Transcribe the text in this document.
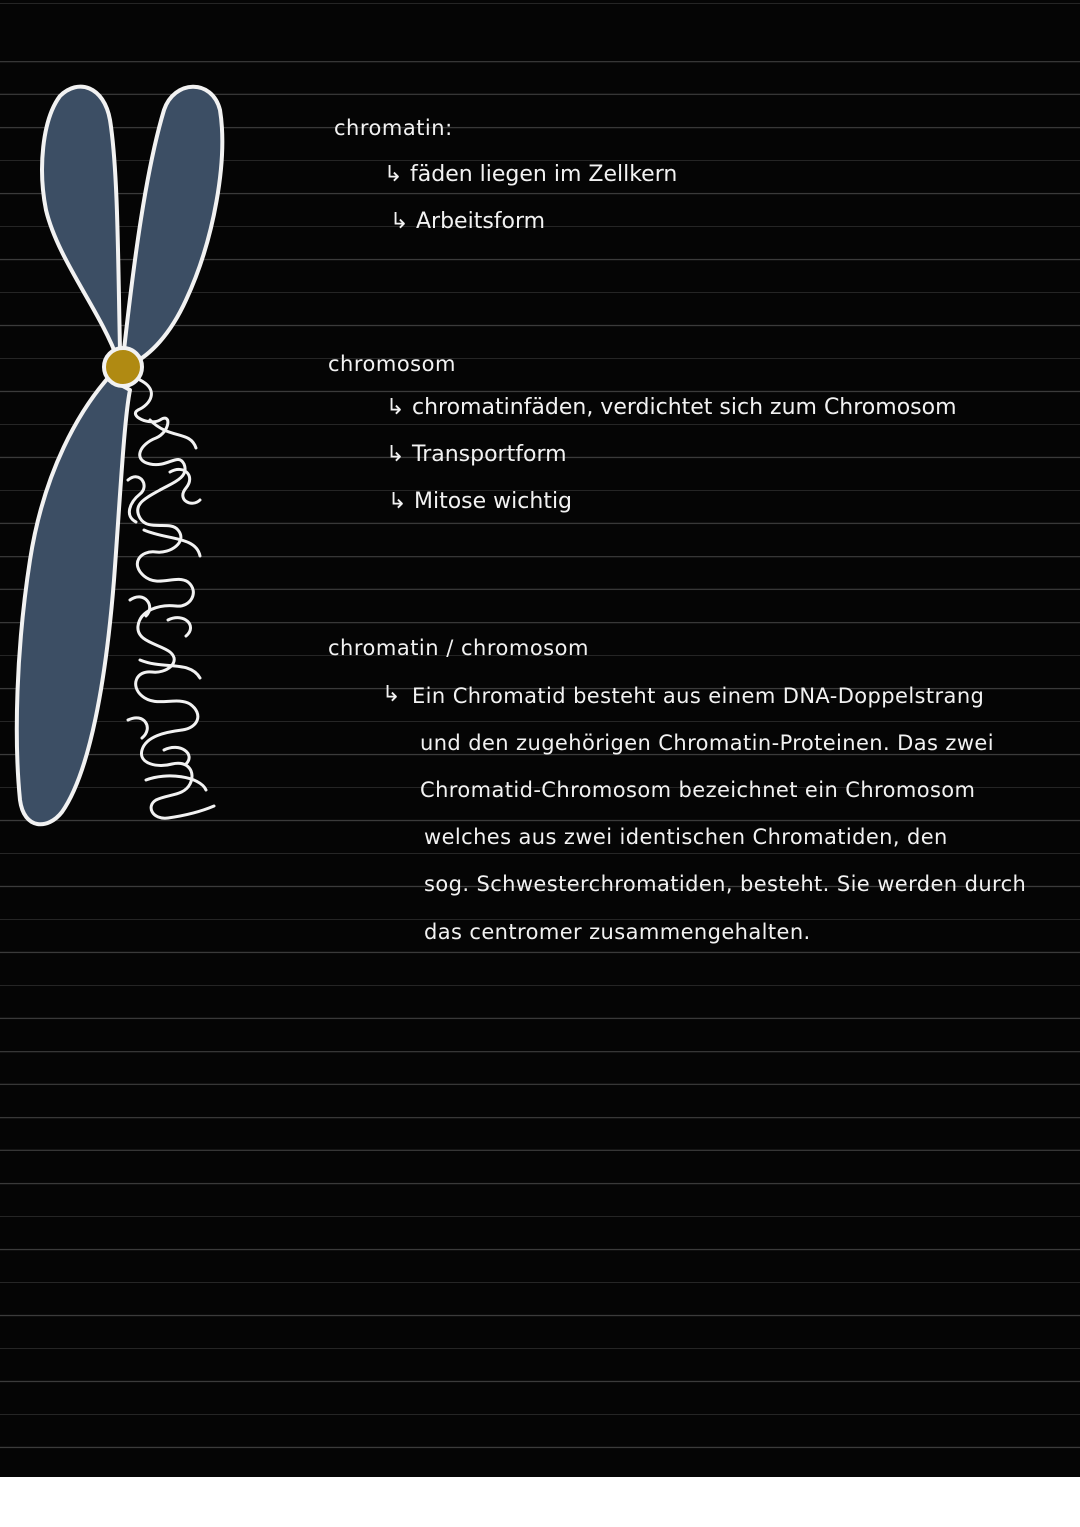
chromatin:
↳ fäden liegen im Zellkern
↳ Arbeitsform
chromosom
↳ chromatinfäden, verdichtet sich zum Chromosom
↳ Transportform
↳ Mitose wichtig
chromatin / chromosom
↳ Ein Chromatid besteht aus einem DNA-Doppelstrang
und den zugehörigen Chromatin-Proteinen. Das zwei
Chromatid-Chromosom bezeichnet ein Chromosom
welches aus zwei identischen Chromatiden, den
sog. Schwesterchromatiden, besteht. Sie werden durch
das centromer zusammengehalten.
